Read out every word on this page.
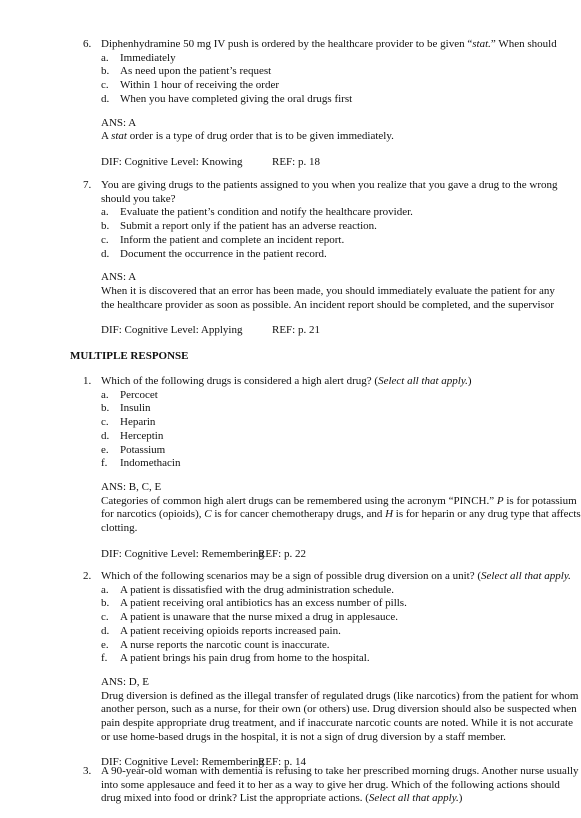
6. Diphenhydramine 50 mg IV push is ordered by the healthcare provider to be given “stat.” When should
a.	Immediately
b. As need upon the patient’s request
c.	Within 1 hour of receiving the order
d. When you have completed giving the oral drugs first
ANS: A
A stat order is a type of drug order that is to be given immediately.
DIF: Cognitive Level: Knowing	REF: p. 18
7. You are giving drugs to the patients assigned to you when you realize that you gave a drug to the wrong
should you take?
a.	Evaluate the patient’s condition and notify the healthcare provider.
b. Submit a report only if the patient has an adverse reaction.
c.	Inform the patient and complete an incident report.
d. Document the occurrence in the patient record.
ANS: A
When it is discovered that an error has been made, you should immediately evaluate the patient for any
the healthcare provider as soon as possible. An incident report should be completed, and the supervisor
DIF: Cognitive Level: Applying	REF: p. 21
MULTIPLE RESPONSE
1. Which of the following drugs is considered a high alert drug? (Select all that apply.)
a.	Percocet
b. Insulin
c.	Heparin
d. Herceptin
e.	Potassium
f.	Indomethacin
ANS: B, C, E
Categories of common high alert drugs can be remembered using the acronym “PINCH.” P is for potassium
for narcotics (opioids), C is for cancer chemotherapy drugs, and H is for heparin or any drug type that affects
clotting.
DIF: Cognitive Level: RememberingREF: p. 22
2. Which of the following scenarios may be a sign of possible drug diversion on a unit? (Select all that apply.
a.	A patient is dissatisfied with the drug administration schedule.
b. A patient receiving oral antibiotics has an excess number of pills.
c.	A patient is unaware that the nurse mixed a drug in applesauce.
d. A patient receiving opioids reports increased pain.
e.	A nurse reports the narcotic count is inaccurate.
f.	A patient brings his pain drug from home to the hospital.
ANS: D, E
Drug diversion is defined as the illegal transfer of regulated drugs (like narcotics) from the patient for whom
another person, such as a nurse, for their own (or others) use. Drug diversion should also be suspected when
pain despite appropriate drug treatment, and if inaccurate narcotic counts are noted. While it is not accurate
or use home-based drugs in the hospital, it is not a sign of drug diversion by a staff member.
DIF: Cognitive Level: RememberingREF: p. 14
3. A 90-year-old woman with dementia is refusing to take her prescribed morning drugs. Another nurse usually
into some applesauce and feed it to her as a way to give her drug. Which of the following actions should
drug mixed into food or drink? List the appropriate actions. (Select all that apply.)
